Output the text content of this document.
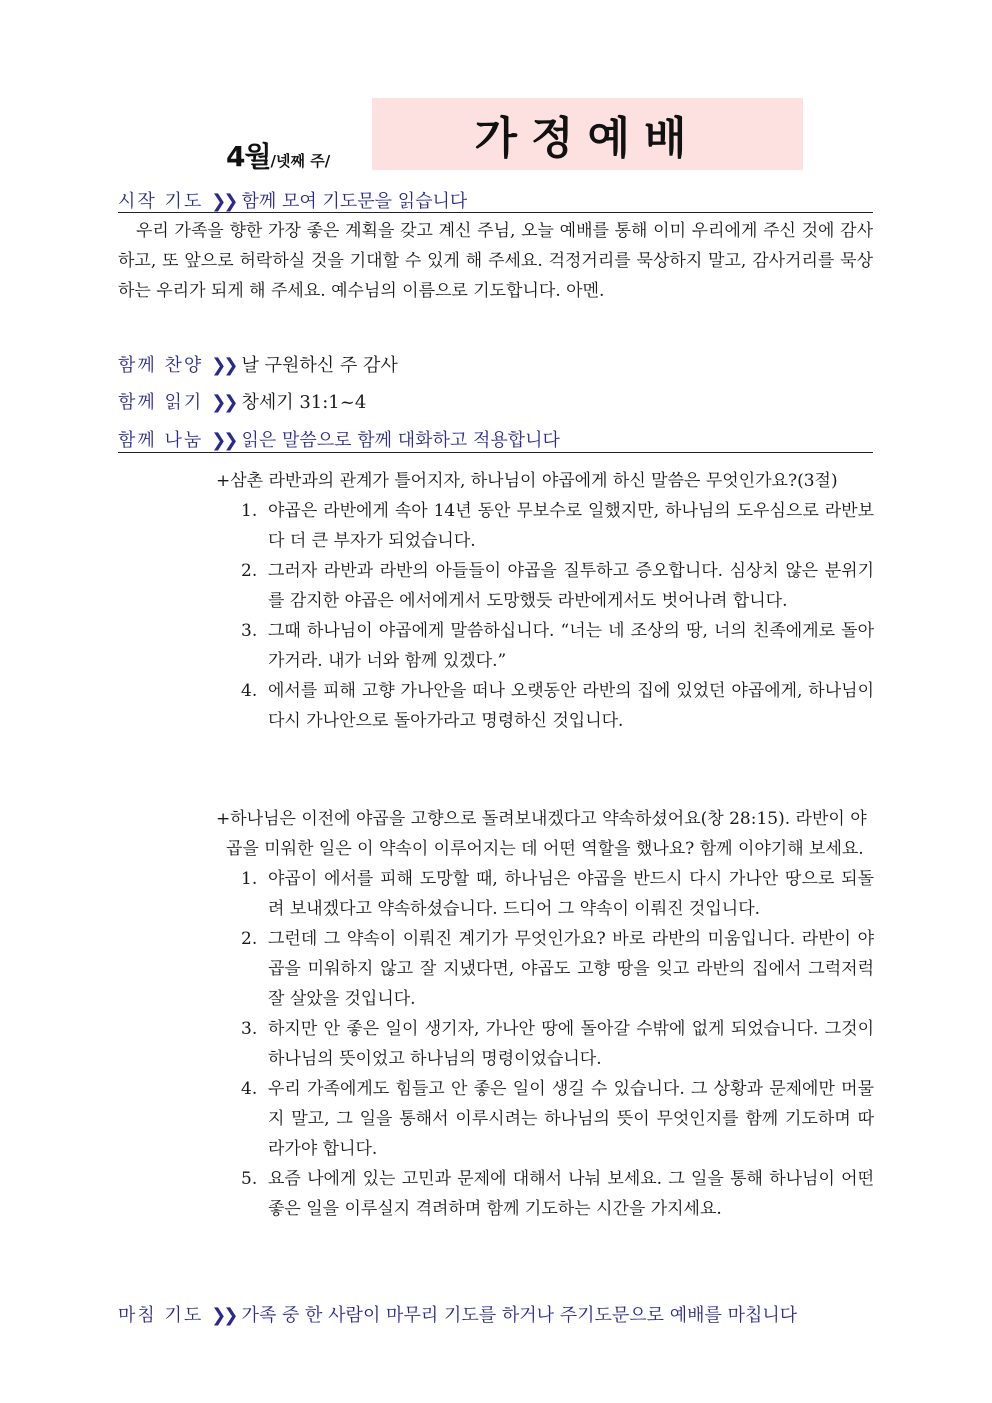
4월/넷째 주/	가정예배
시작 기도 ❯❯ 함께 모여 기도문을 읽습니다

우리 가족을 향한 가장 좋은 계획을 갖고 계신 주님, 오늘 예배를 통해 이미 우리에게 주신 것에 감사하고, 또 앞으로 허락하실 것을 기대할 수 있게 해 주세요. 걱정거리를 묵상하지 말고, 감사거리를 묵상하는 우리가 되게 해 주세요. 예수님의 이름으로 기도합니다. 아멘.

함께 찬양 ❯❯ 날 구원하신 주 감사
함께 읽기 ❯❯ 창세기 31:1~4
함께 나눔 ❯❯ 읽은 말씀으로 함께 대화하고 적용합니다
+삼촌 라반과의 관계가 틀어지자, 하나님이 야곱에게 하신 말씀은 무엇인가요?(3절)
1. 야곱은 라반에게 속아 14년 동안 무보수로 일했지만, 하나님의 도우심으로 라반보다 더 큰 부자가 되었습니다.
2. 그러자 라반과 라반의 아들들이 야곱을 질투하고 증오합니다. 심상치 않은 분위기를 감지한 야곱은 에서에게서 도망했듯 라반에게서도 벗어나려 합니다.
3. 그때 하나님이 야곱에게 말씀하십니다. “너는 네 조상의 땅, 너의 친족에게로 돌아가거라. 내가 너와 함께 있겠다.”
4. 에서를 피해 고향 가나안을 떠나 오랫동안 라반의 집에 있었던 야곱에게, 하나님이 다시 가나안으로 돌아가라고 명령하신 것입니다.
+하나님은 이전에 야곱을 고향으로 돌려보내겠다고 약속하셨어요(창 28:15). 라반이 야곱을 미워한 일은 이 약속이 이루어지는 데 어떤 역할을 했나요? 함께 이야기해 보세요.
1. 야곱이 에서를 피해 도망할 때, 하나님은 야곱을 반드시 다시 가나안 땅으로 되돌려 보내겠다고 약속하셨습니다. 드디어 그 약속이 이뤄진 것입니다.
2. 그런데 그 약속이 이뤄진 계기가 무엇인가요? 바로 라반의 미움입니다. 라반이 야곱을 미워하지 않고 잘 지냈다면, 야곱도 고향 땅을 잊고 라반의 집에서 그럭저럭 잘 살았을 것입니다.
3. 하지만 안 좋은 일이 생기자, 가나안 땅에 돌아갈 수밖에 없게 되었습니다. 그것이 하나님의 뜻이었고 하나님의 명령이었습니다.
4. 우리 가족에게도 힘들고 안 좋은 일이 생길 수 있습니다. 그 상황과 문제에만 머물지 말고, 그 일을 통해서 이루시려는 하나님의 뜻이 무엇인지를 함께 기도하며 따라가야 합니다.
5. 요즘 나에게 있는 고민과 문제에 대해서 나눠 보세요. 그 일을 통해 하나님이 어떤 좋은 일을 이루실지 격려하며 함께 기도하는 시간을 가지세요.
마침 기도 ❯❯ 가족 중 한 사람이 마무리 기도를 하거나 주기도문으로 예배를 마칩니다
